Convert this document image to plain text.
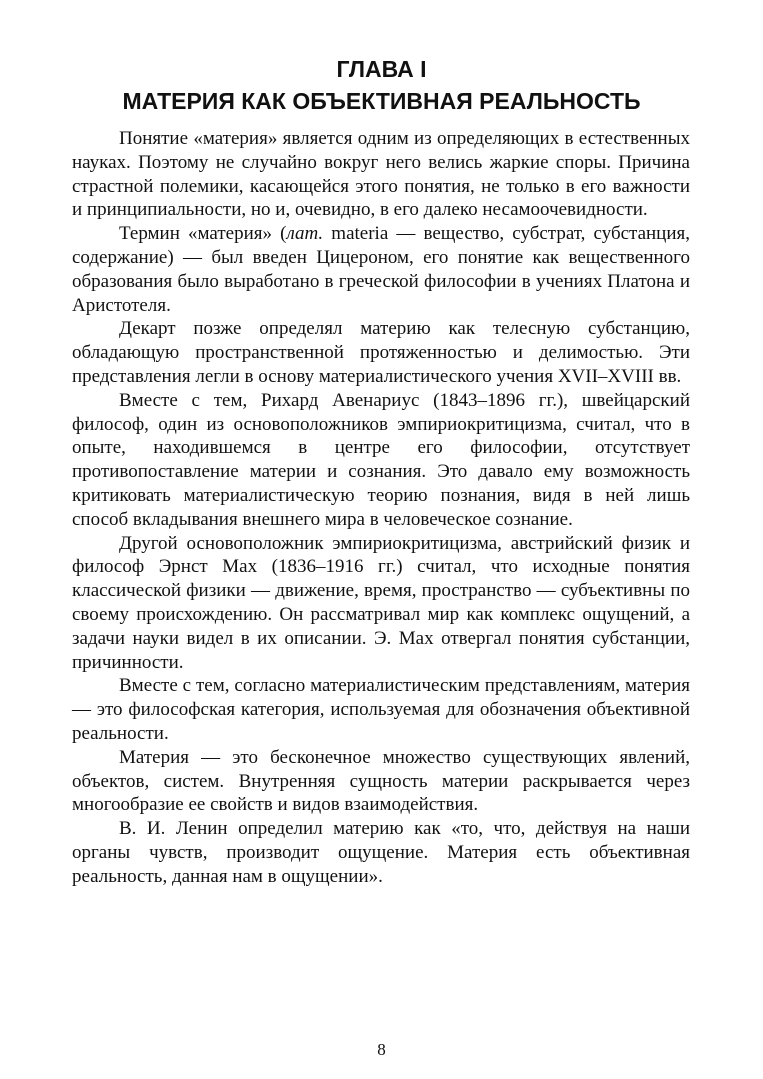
ГЛАВА I
МАТЕРИЯ КАК ОБЪЕКТИВНАЯ РЕАЛЬНОСТЬ

Понятие «материя» является одним из определяющих в естественных науках. Поэтому не случайно вокруг него велись жаркие споры. Причина страстной полемики, касающейся этого понятия, не только в его важности и принципиальности, но и, очевидно, в его далеко несамоочевидности.

Термин «материя» (лат. materia — вещество, субстрат, субстанция, содержание) — был введен Цицероном, его понятие как вещественного образования было выработано в греческой философии в учениях Платона и Аристотеля.

Декарт позже определял материю как телесную субстанцию, обладающую пространственной протяженностью и делимостью. Эти представления легли в основу материалистического учения XVII–XVIII вв.

Вместе с тем, Рихард Авенариус (1843–1896 гг.), швейцарский философ, один из основоположников эмпириокритицизма, считал, что в опыте, находившемся в центре его философии, отсутствует противопоставление материи и сознания. Это давало ему возможность критиковать материалистическую теорию познания, видя в ней лишь способ вкладывания внешнего мира в человеческое сознание.

Другой основоположник эмпириокритицизма, австрийский физик и философ Эрнст Мах (1836–1916 гг.) считал, что исходные понятия классической физики — движение, время, пространство — субъективны по своему происхождению. Он рассматривал мир как комплекс ощущений, а задачи науки видел в их описании. Э. Мах отвергал понятия субстанции, причинности.

Вместе с тем, согласно материалистическим представлениям, материя — это философская категория, используемая для обозначения объективной реальности.

Материя — это бесконечное множество существующих явлений, объектов, систем. Внутренняя сущность материи раскрывается через многообразие ее свойств и видов взаимодействия.

В. И. Ленин определил материю как «то, что, действуя на наши органы чувств, производит ощущение. Материя есть объективная реальность, данная нам в ощущении».

8
